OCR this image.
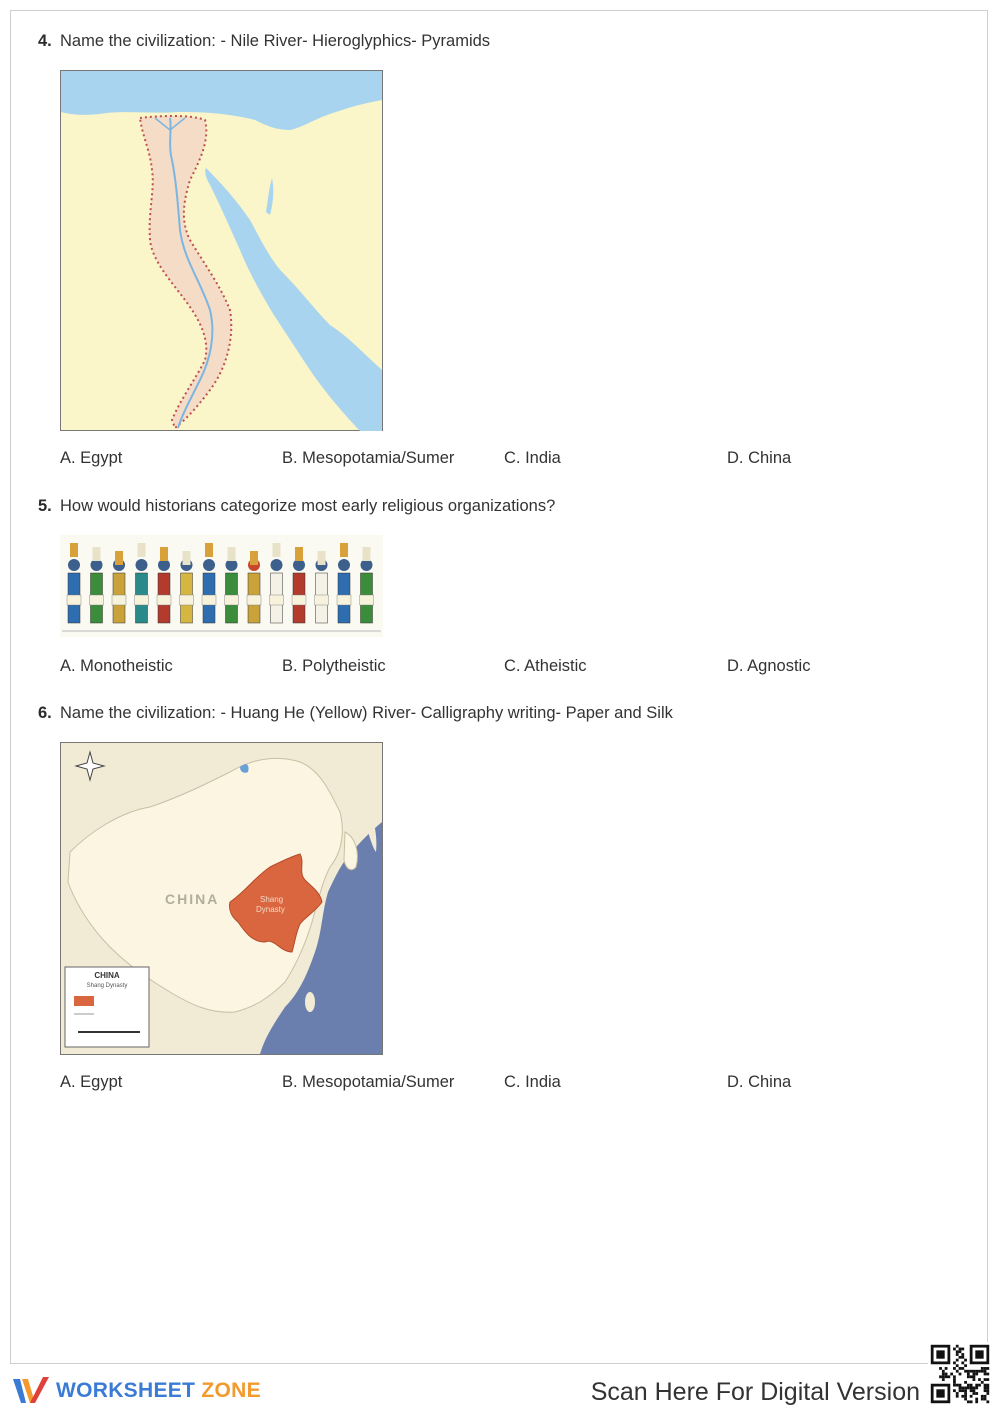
4. Name the civilization: - Nile River- Hieroglyphics- Pyramids
A. Egypt	B. Mesopotamia/Sumer	C. India	D. China
5. How would historians categorize most early religious organizations?
A. Monotheistic	B. Polytheistic	C. Atheistic	D. Agnostic
6. Name the civilization: - Huang He (Yellow) River- Calligraphy writing- Paper and Silk
CHINA	Shang
Dynasty
CHINA
Shang Dynasty
A. Egypt	B. Mesopotamia/Sumer	C. India	D. China
WORKSHEET ZONE	Scan Here For Digital Version
